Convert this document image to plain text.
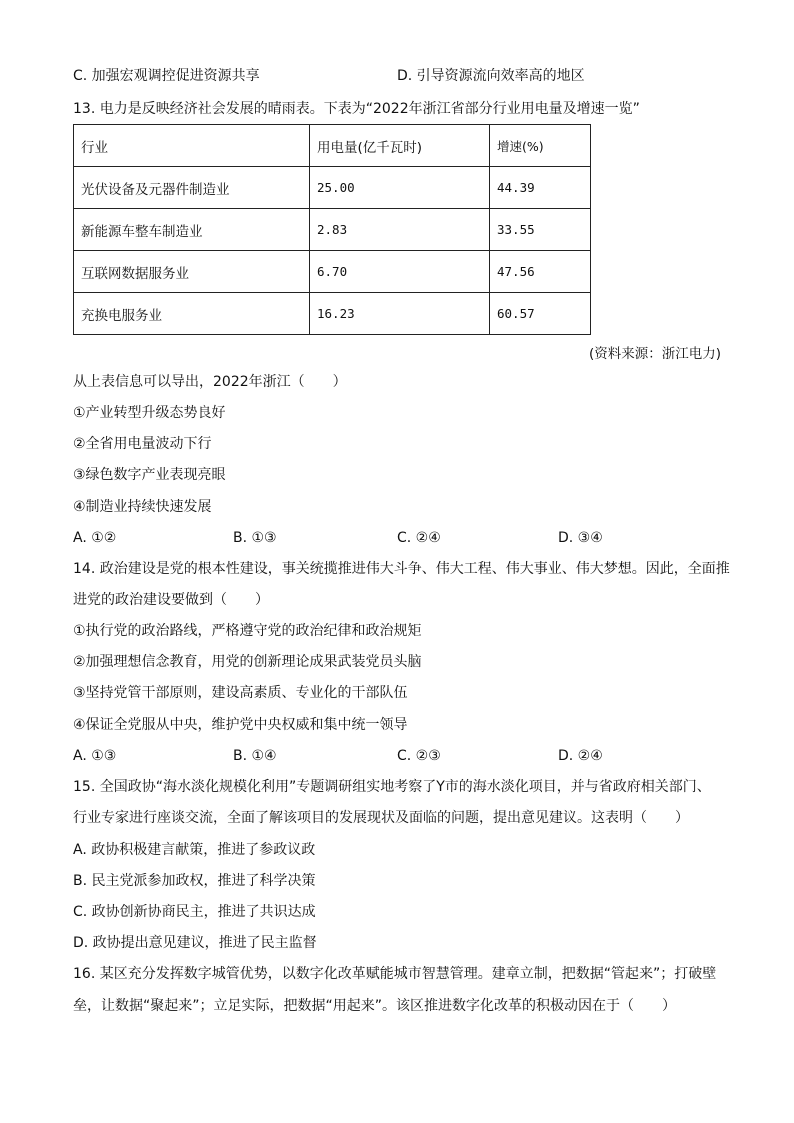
C. 加强宏观调控促进资源共享	D. 引导资源流向效率高的地区
13. 电力是反映经济社会发展的晴雨表。下表为“2022年浙江省部分行业用电量及增速一览”
行业	用电量(亿千瓦时)	增速(%)
光伏设备及元器件制造业	25.00	44.39
新能源车整车制造业	2.83	33.55
互联网数据服务业	6.70	47.56
充换电服务业	16.23	60.57
(资料来源：浙江电力)
从上表信息可以导出，2022年浙江（　　）
①产业转型升级态势良好
②全省用电量波动下行
③绿色数字产业表现亮眼
④制造业持续快速发展
A. ①②	B. ①③	C. ②④	D. ③④
14. 政治建设是党的根本性建设，事关统揽推进伟大斗争、伟大工程、伟大事业、伟大梦想。因此，全面推
进党的政治建设要做到（　　）
①执行党的政治路线，严格遵守党的政治纪律和政治规矩
②加强理想信念教育，用党的创新理论成果武装党员头脑
③坚持党管干部原则，建设高素质、专业化的干部队伍
④保证全党服从中央，维护党中央权威和集中统一领导
A. ①③	B. ①④	C. ②③	D. ②④
15. 全国政协“海水淡化规模化利用”专题调研组实地考察了Y市的海水淡化项目，并与省政府相关部门、
行业专家进行座谈交流，全面了解该项目的发展现状及面临的问题，提出意见建议。这表明（　　）
A. 政协积极建言献策，推进了参政议政
B. 民主党派参加政权，推进了科学决策
C. 政协创新协商民主，推进了共识达成
D. 政协提出意见建议，推进了民主监督
16. 某区充分发挥数字城管优势，以数字化改革赋能城市智慧管理。建章立制，把数据“管起来”；打破壁
垒，让数据“聚起来”；立足实际，把数据“用起来”。该区推进数字化改革的积极动因在于（　　）
